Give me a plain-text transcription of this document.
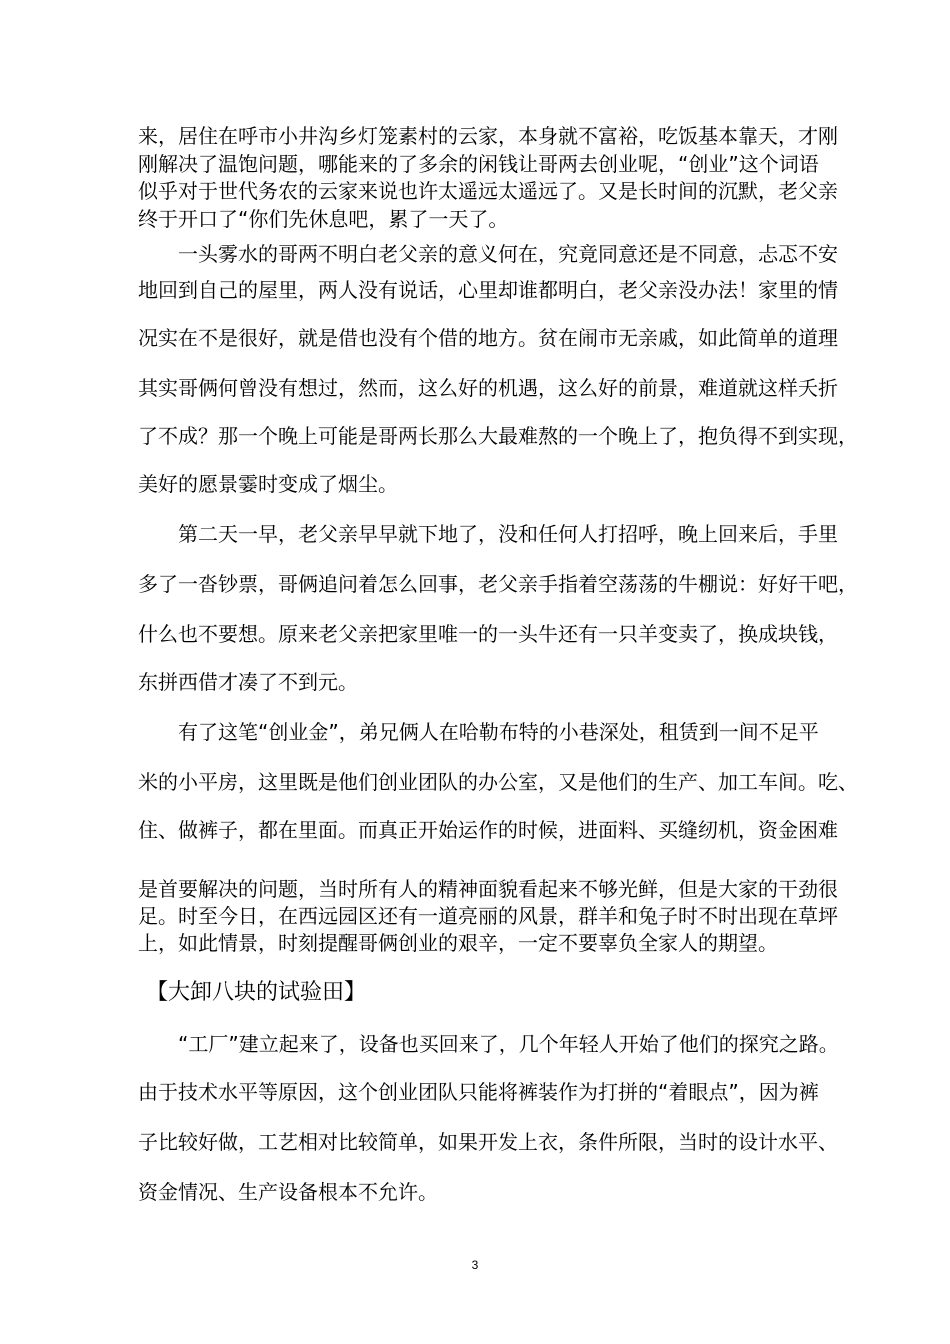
来，居住在呼市小井沟乡灯笼素村的云家，本身就不富裕，吃饭基本靠天，才刚
刚解决了温饱问题，哪能来的了多余的闲钱让哥两去创业呢，“创业”这个词语
似乎对于世代务农的云家来说也许太遥远太遥远了。又是长时间的沉默，老父亲
终于开口了“你们先休息吧，累了一天了。
一头雾水的哥两不明白老父亲的意义何在，究竟同意还是不同意，忐忑不安
地回到自己的屋里，两人没有说话，心里却谁都明白，老父亲没办法！家里的情
况实在不是很好，就是借也没有个借的地方。贫在闹市无亲戚，如此简单的道理
其实哥俩何曾没有想过，然而，这么好的机遇，这么好的前景，难道就这样夭折
了不成？那一个晚上可能是哥两长那么大最难熬的一个晚上了，抱负得不到实现，
美好的愿景霎时变成了烟尘。
第二天一早，老父亲早早就下地了，没和任何人打招呼，晚上回来后，手里
多了一沓钞票，哥俩追问着怎么回事，老父亲手指着空荡荡的牛棚说：好好干吧，
什么也不要想。原来老父亲把家里唯一的一头牛还有一只羊变卖了，换成块钱，
东拼西借才凑了不到元。
有了这笔“创业金”，弟兄俩人在哈勒布特的小巷深处，租赁到一间不足平
米的小平房，这里既是他们创业团队的办公室，又是他们的生产、加工车间。吃、
住、做裤子，都在里面。而真正开始运作的时候，进面料、买缝纫机，资金困难
是首要解决的问题，当时所有人的精神面貌看起来不够光鲜，但是大家的干劲很
足。时至今日，在西远园区还有一道亮丽的风景，群羊和兔子时不时出现在草坪
上，如此情景，时刻提醒哥俩创业的艰辛，一定不要辜负全家人的期望。
【大卸八块的试验田】
“工厂”建立起来了，设备也买回来了，几个年轻人开始了他们的探究之路。
由于技术水平等原因，这个创业团队只能将裤装作为打拼的“着眼点”，因为裤
子比较好做，工艺相对比较简单，如果开发上衣，条件所限，当时的设计水平、
资金情况、生产设备根本不允许。
3
